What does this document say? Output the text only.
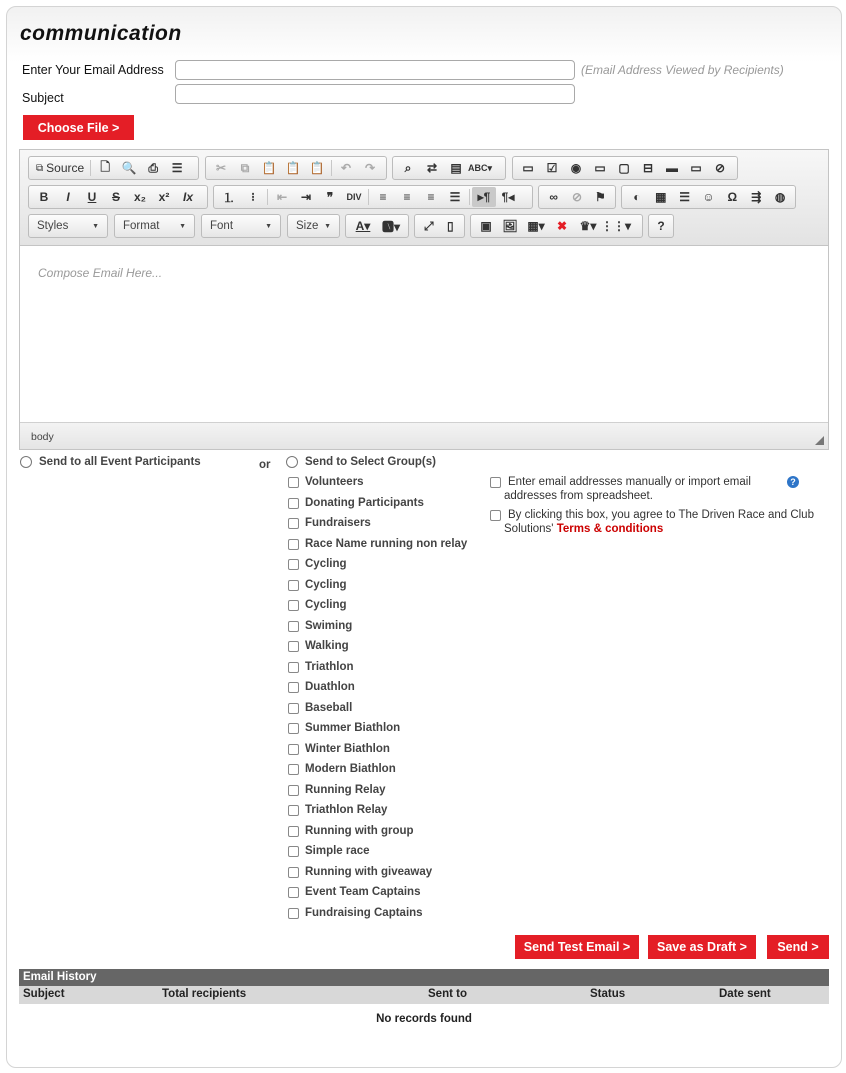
communication
Enter Your Email Address	(Email Address Viewed by Recipients)
Subject
Choose File >
⧉ Source	🗋 🔍 ⎙	☰	✂	⧉	📋 📋 📋	↶	↷	⌕	⇄	▤ ABC▾	▭	☑	◉	▭	▢	⊟	▬	▭	⊘
B	I	U	S	x₂	x²	Ix	⒈	⁝	⇤	⇥	❞	DIV	≡	≡	≡	☰	▸¶ ¶◂	∞	⊘	⚑	◐	▦	☰	☺	Ω	⇶	◍
Styles	▼ Format	▼ Font	▼ Size ▼	A▾ 🅰▾	⤢	▯	▣ 🖼 ▦▾	✖	♛▾ ⋮⋮▾	?
Compose Email Here...
body
Send to all Event Participants	or	Send to Select Group(s)
Volunteers
Donating Participants
Fundraisers
Race Name running non relay
Cycling
Cycling
Cycling
Swiming
Walking
Triathlon
Duathlon
Baseball
Summer Biathlon
Winter Biathlon
Modern Biathlon
Running Relay
Triathlon Relay
Running with group
Simple race
Running with giveaway
Event Team Captains
Fundraising Captains
Enter email addresses manually or import email
addresses from spreadsheet.
?
By clicking this box, you agree to The Driven Race and Club
Solutions' Terms & conditions
Send Test Email >	Save as Draft >	Send >
Email History
Subject	Total recipients	Sent to	Status	Date sent
No records found
